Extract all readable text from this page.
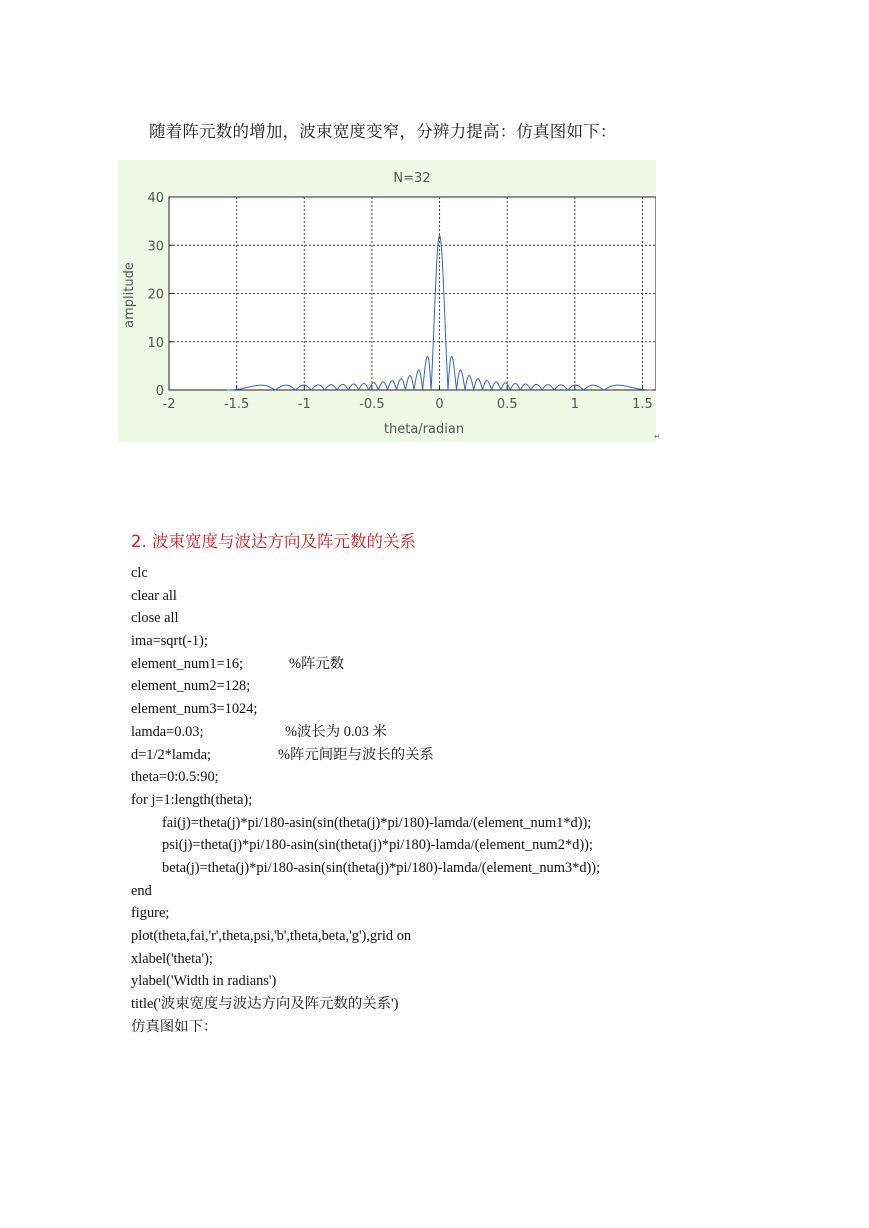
随着阵元数的增加，波束宽度变窄，分辨力提高：仿真图如下：
-2	-1.5	-1	-0.5	0	0.5	1	1.5
0
10
20
30
40
N=32
theta/radian
amplitude
↵
2. 波束宽度与波达方向及阵元数的关系
clc
clear all
close all
ima=sqrt(-1);
element_num1=16;	%阵元数
element_num2=128;
element_num3=1024;
lamda=0.03;	%波长为 0.03 米
d=1/2*lamda;	%阵元间距与波长的关系
theta=0:0.5:90;
for j=1:length(theta);
fai(j)=theta(j)*pi/180-asin(sin(theta(j)*pi/180)-lamda/(element_num1*d));
psi(j)=theta(j)*pi/180-asin(sin(theta(j)*pi/180)-lamda/(element_num2*d));
beta(j)=theta(j)*pi/180-asin(sin(theta(j)*pi/180)-lamda/(element_num3*d));
end
figure;
plot(theta,fai,'r',theta,psi,'b',theta,beta,'g'),grid on
xlabel('theta');
ylabel('Width in radians')
title('波束宽度与波达方向及阵元数的关系')
仿真图如下：
